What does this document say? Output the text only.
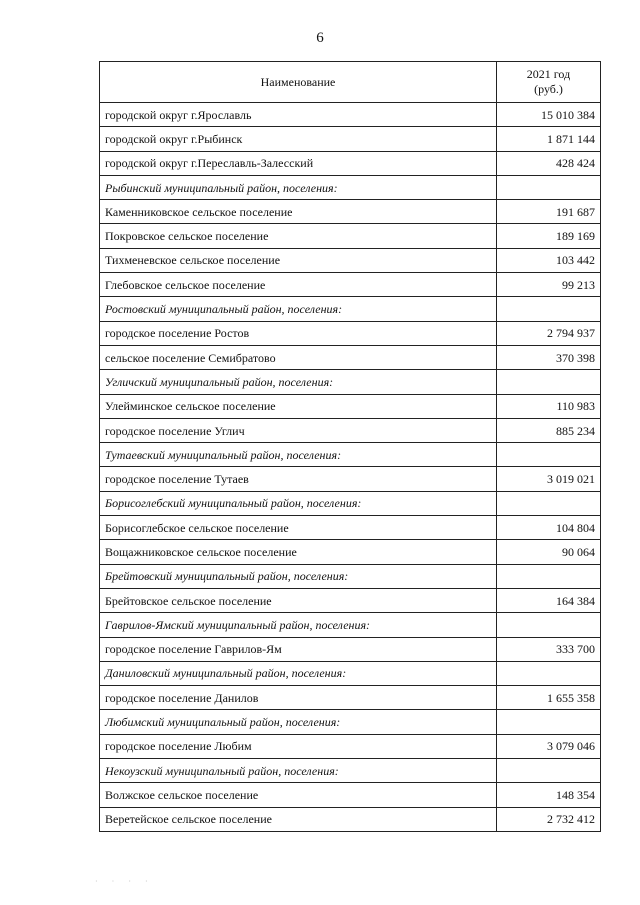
6
Наименование	2021 год
(руб.)
городской округ г.Ярославль	15 010 384
городской округ г.Рыбинск	1 871 144
городской округ г.Переславль-Залесский	428 424
Рыбинский муниципальный район, поселения:	
Каменниковское сельское поселение	191 687
Покровское сельское поселение	189 169
Тихменевское сельское поселение	103 442
Глебовское сельское поселение	99 213
Ростовский муниципальный район, поселения:	
городское поселение Ростов	2 794 937
сельское поселение Семибратово	370 398
Угличский муниципальный район, поселения:	
Улейминское сельское поселение	110 983
городское поселение Углич	885 234
Тутаевский муниципальный район, поселения:	
городское поселение Тутаев	3 019 021
Борисоглебский муниципальный район, поселения:	
Борисоглебское сельское поселение	104 804
Вощажниковское сельское поселение	90 064
Брейтовский муниципальный район, поселения:	
Брейтовское сельское поселение	164 384
Гаврилов-Ямский муниципальный район, поселения:	
городское поселение Гаврилов-Ям	333 700
Даниловский муниципальный район, поселения:	
городское поселение Данилов	1 655 358
Любимский муниципальный район, поселения:	
городское поселение Любим	3 079 046
Некоузский муниципальный район, поселения:	
Волжское сельское поселение	148 354
Веретейское сельское поселение	2 732 412
· · · ·
